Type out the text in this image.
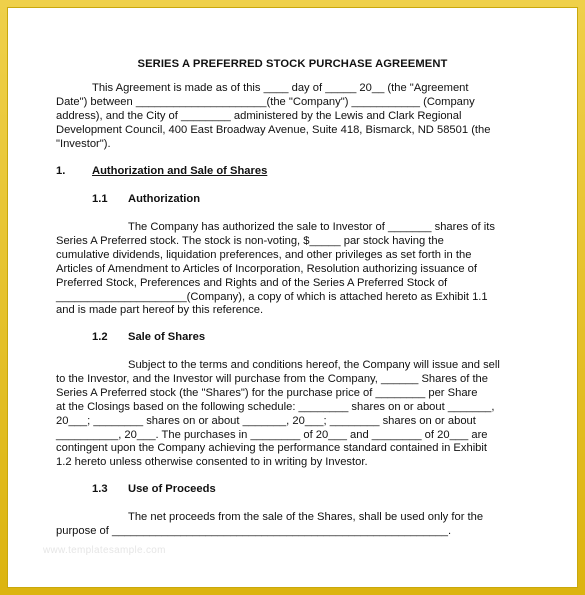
SERIES A PREFERRED STOCK PURCHASE AGREEMENT

This Agreement is made as of this ____ day of _____ 20__ (the "Agreement

Date") between _____________________(the "Company") ___________ (Company

address), and the City of ________ administered by the Lewis and Clark Regional

Development Council, 400 East Broadway Avenue, Suite 418, Bismarck, ND 58501 (the

"Investor").

1. Authorization and Sale of Shares
1.1 Authorization

The Company has authorized the sale to Investor of _______ shares of its

Series A Preferred stock. The stock is non-voting, $_____ par stock having the

cumulative dividends, liquidation preferences, and other privileges as set forth in the

Articles of Amendment to Articles of Incorporation, Resolution authorizing issuance of

Preferred Stock, Preferences and Rights and of the Series A Preferred Stock of

_____________________(Company), a copy of which is attached hereto as Exhibit 1.1

and is made part hereof by this reference.

1.2 Sale of Shares

Subject to the terms and conditions hereof, the Company will issue and sell

to the Investor, and the Investor will purchase from the Company, ______ Shares of the

Series A Preferred stock (the "Shares") for the purchase price of ________ per Share

at the Closings based on the following schedule: ________ shares on or about _______,

20___; ________ shares on or about _______, 20___; ________ shares on or about

__________, 20___. The purchases in ________ of 20___ and ________ of 20___ are

contingent upon the Company achieving the performance standard contained in Exhibit

1.2 hereto unless otherwise consented to in writing by Investor.

1.3 Use of Proceeds

The net proceeds from the sale of the Shares, shall be used only for the

purpose of ______________________________________________________.

www.templatesample.com
